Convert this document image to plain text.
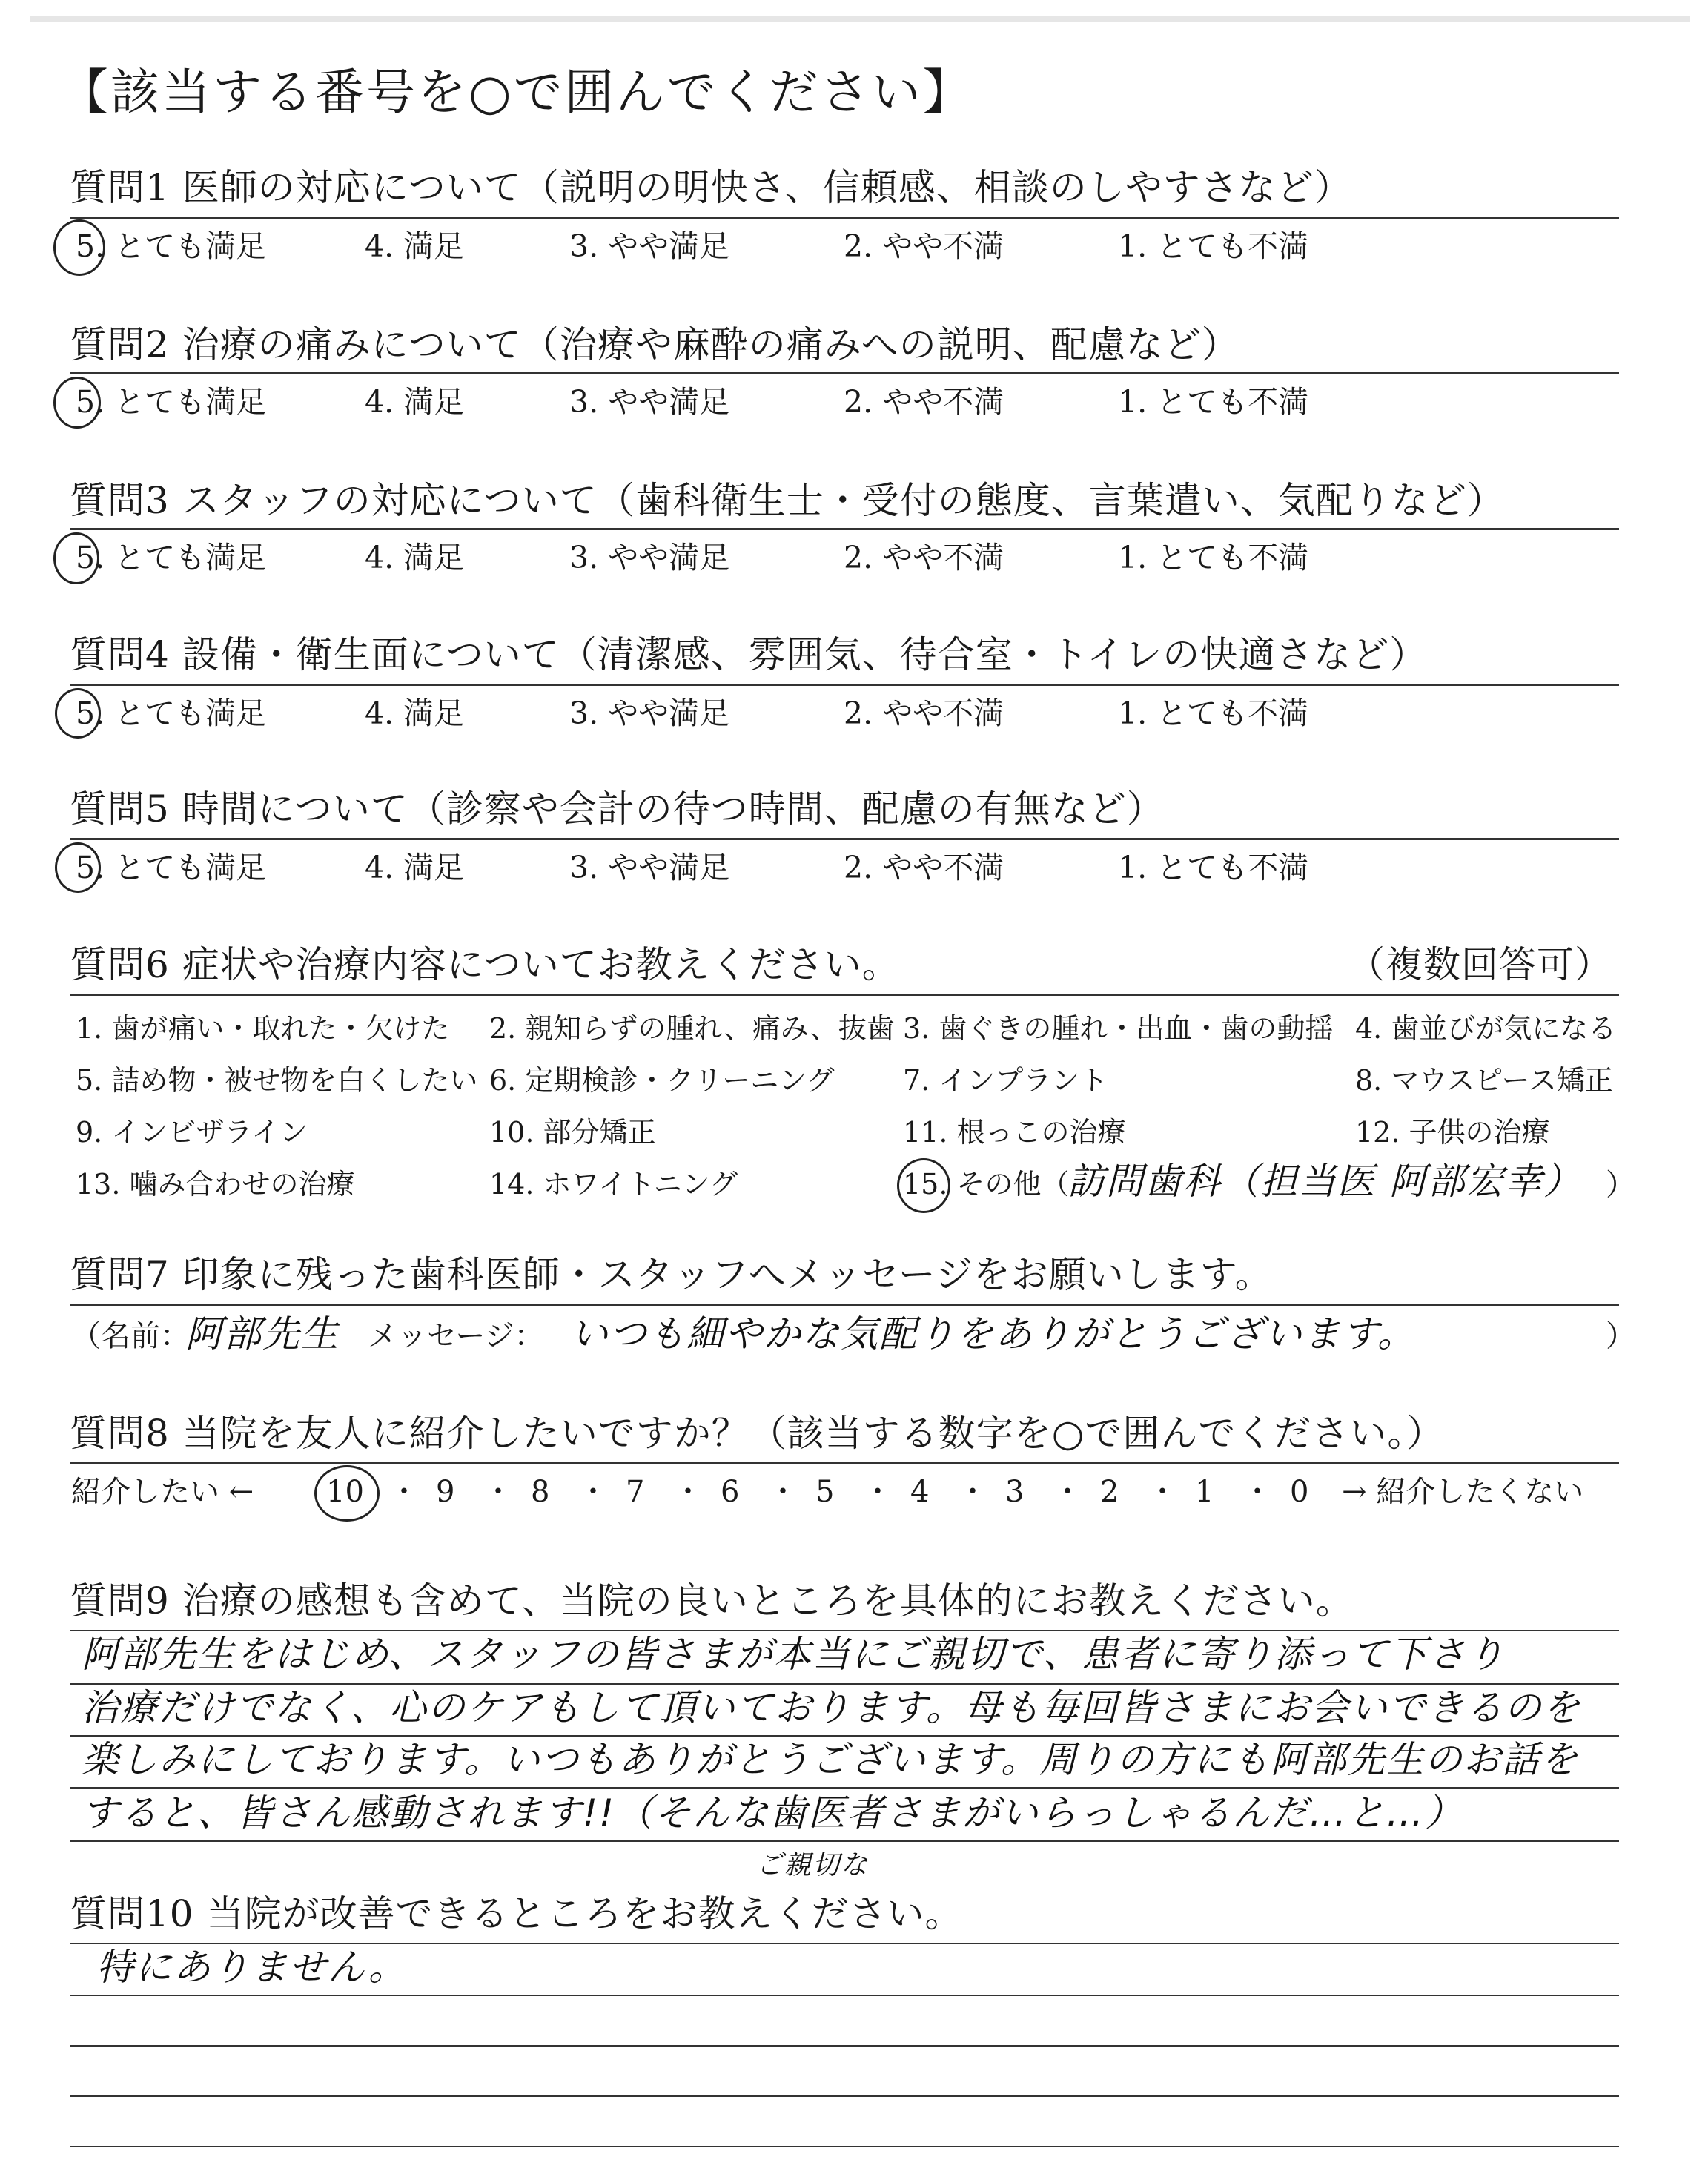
【該当する番号を○で囲んでください】
質問1 医師の対応について（説明の明快さ、信頼感、相談のしやすさなど）
5. とても満足	4. 満足	3. やや満足	2. やや不満	1. とても不満
質問2 治療の痛みについて（治療や麻酔の痛みへの説明、配慮など）
5. とても満足	4. 満足	3. やや満足	2. やや不満	1. とても不満
質問3 スタッフの対応について（歯科衛生士・受付の態度、言葉遣い、気配りなど）
5. とても満足	4. 満足	3. やや満足	2. やや不満	1. とても不満
質問4 設備・衛生面について（清潔感、雰囲気、待合室・トイレの快適さなど）
5. とても満足	4. 満足	3. やや満足	2. やや不満	1. とても不満
質問5 時間について（診察や会計の待つ時間、配慮の有無など）
5. とても満足	4. 満足	3. やや満足	2. やや不満	1. とても不満
質問6 症状や治療内容についてお教えください。	（複数回答可）
1. 歯が痛い・取れた・欠けた 2. 親知らずの腫れ、痛み、抜歯 3. 歯ぐきの腫れ・出血・歯の動揺 4. 歯並びが気になる
5. 詰め物・被せ物を白くしたい 6. 定期検診・クリーニング 7. インプラント	8. マウスピース矯正
9. インビザライン	10. 部分矯正	11. 根っこの治療	12. 子供の治療
13. 噛み合わせの治療	14. ホワイトニング	15. その他（
訪問歯科（担当医 阿部宏幸） ）
質問7 印象に残った歯科医師・スタッフへメッセージをお願いします。
（名前：
阿部先生 メッセージ： いつも細やかな気配りをありがとうございます。	）
質問8 当院を友人に紹介したいですか？（該当する数字を○で囲んでください。）
紹介したい ← 10 ・ 9 ・ 8 ・ 7 ・ 6 ・ 5 ・ 4 ・ 3 ・ 2 ・ 1 ・ 0 → 紹介したくない
質問9 治療の感想も含めて、当院の良いところを具体的にお教えください。
阿部先生をはじめ、スタッフの皆さまが本当にご親切で、患者に寄り添って下さり
治療だけでなく、心のケアもして頂いております。母も毎回皆さまにお会いできるのを
楽しみにしております。いつもありがとうございます。周りの方にも阿部先生のお話を
すると、皆さん感動されます!!（そんな歯医者さまがいらっしゃるんだ…と…）
ご親切な
質問10 当院が改善できるところをお教えください。
特にありません。
